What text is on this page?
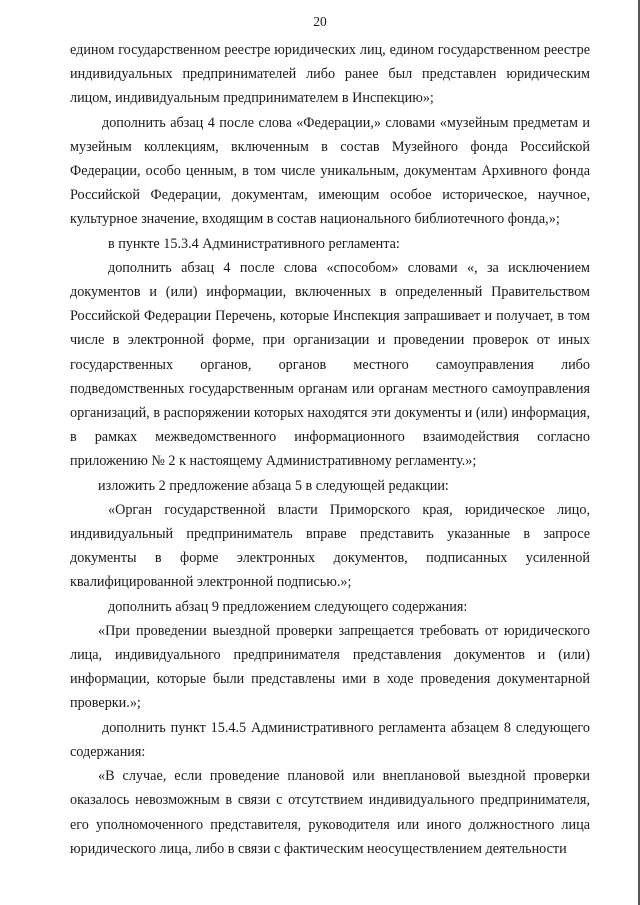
20

едином государственном реестре юридических лиц, едином государственном реестре индивидуальных предпринимателей либо ранее был представлен юридическим лицом, индивидуальным предпринимателем в Инспекцию»;

дополнить абзац 4 после слова «Федерации,» словами «музейным предметам и музейным коллекциям, включенным в состав Музейного фонда Российской Федерации, особо ценным, в том числе уникальным, документам Архивного фонда Российской Федерации, документам, имеющим особое историческое, научное, культурное значение, входящим в состав национального библиотечного фонда,»;

в пункте 15.3.4 Административного регламента:

дополнить абзац 4 после слова «способом» словами «, за исключением документов и (или) информации, включенных в определенный Правительством Российской Федерации Перечень, которые Инспекция запрашивает и получает, в том числе в электронной форме, при организации и проведении проверок от иных государственных органов, органов местного самоуправления либо подведомственных государственным органам или органам местного самоуправления организаций, в распоряжении которых находятся эти документы и (или) информация, в рамках межведомственного информационного взаимодействия согласно приложению № 2 к настоящему Административному регламенту.»;

изложить 2 предложение абзаца 5 в следующей редакции:

«Орган государственной власти Приморского края, юридическое лицо, индивидуальный предприниматель вправе представить указанные в запросе документы в форме электронных документов, подписанных усиленной квалифицированной электронной подписью.»;

дополнить абзац 9 предложением следующего содержания:

«При проведении выездной проверки запрещается требовать от юридического лица, индивидуального предпринимателя представления документов и (или) информации, которые были представлены ими в ходе проведения документарной проверки.»;

дополнить пункт 15.4.5 Административного регламента абзацем 8 следующего содержания:

«В случае, если проведение плановой или внеплановой выездной проверки оказалось невозможным в связи с отсутствием индивидуального предпринимателя, его уполномоченного представителя, руководителя или иного должностного лица юридического лица, либо в связи с фактическим неосуществлением деятельности
